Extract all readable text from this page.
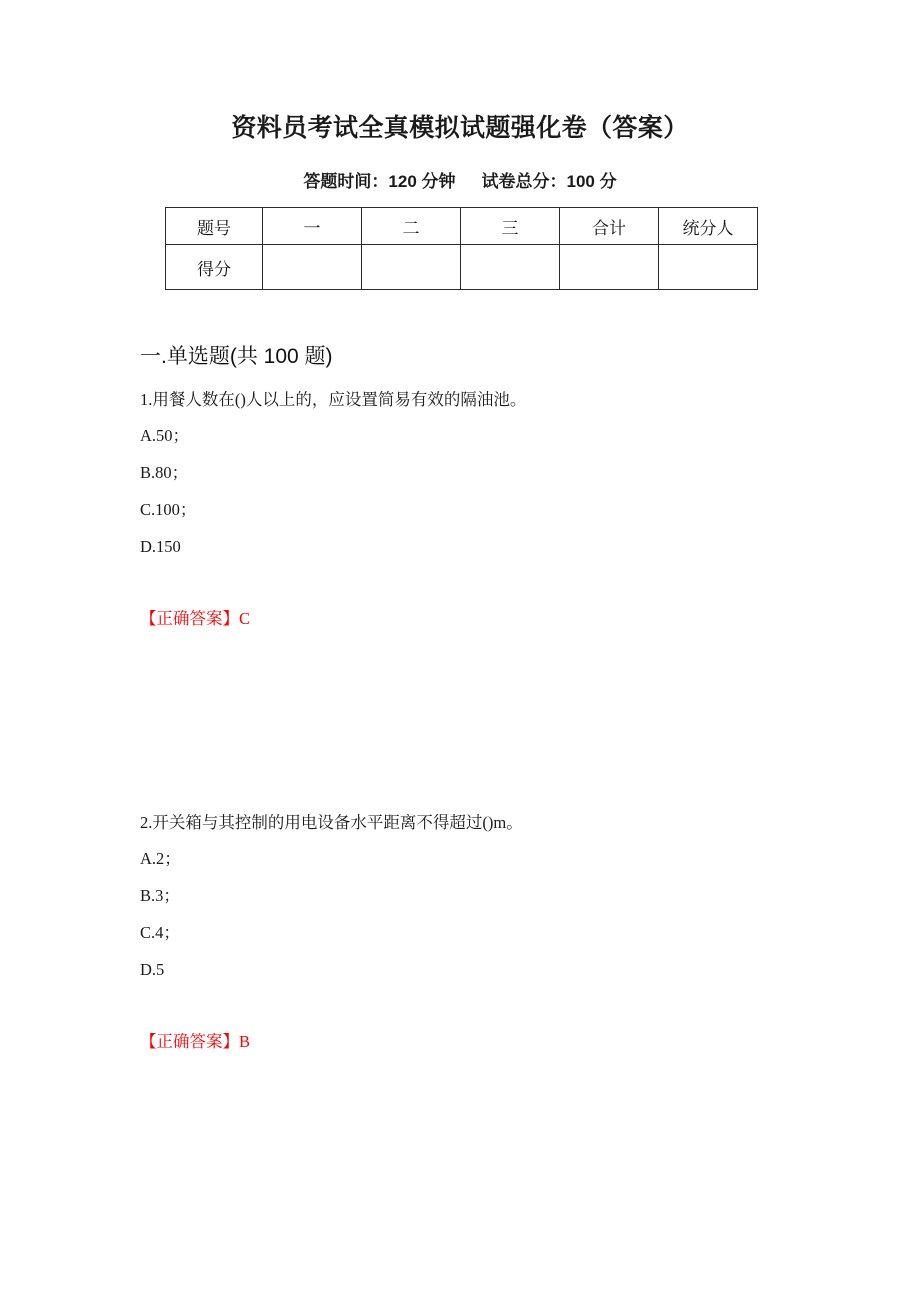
资料员考试全真模拟试题强化卷（答案）
答题时间：120 分钟 试卷总分：100 分
题号	一	二	三	合计	统分人
得分					
一.单选题(共 100 题)

1.用餐人数在()人以上的，应设置简易有效的隔油池。

A.50；

B.80；

C.100；

D.150

【正确答案】C

2.开关箱与其控制的用电设备水平距离不得超过()m。

A.2；

B.3；

C.4；

D.5

【正确答案】B
